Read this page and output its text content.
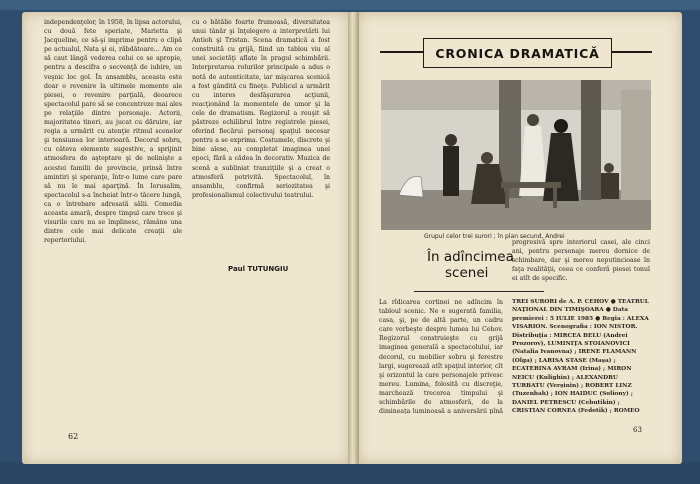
independenţelor, în 1958, în lipsa actorului, cu două fete speriate, Marietta şi Jacqueline, ce să-şi imprime pentru o clipă pe actualul, Nata şi ei, răbdătoare... Am ce să caut lângă vederea celui ce se apropie, pentru a descifra o secvenţă de iubire, un veşnic loc gol. În ansamblu, aceasta este doar o revenire la ultimele momente ale piesei, o revenire parţială, deoarece spectacolul pare să se concentreze mai ales pe relaţiile dintre personaje. Actorii, majoritatea tineri, au jucat cu dăruire, iar regia a urmărit cu atenţie ritmul scenelor şi tensiunea lor interioară. Decorul sobru, cu câteva elemente sugestive, a sprijinit atmosfera de aşteptare şi de nelinişte a acestei familii de provincie, prinsă între amintiri şi speranţe, într-o lume care pare să nu le mai aparţină. În Ierusalim, spectacolul s-a încheiat într-o tăcere lungă, ca o întrebare adresată sălii. Comedia aceasta amară, despre timpul care trece şi visurile care nu se împlinesc, rămâne una dintre cele mai delicate creaţii ale repertoriului.

cu o bătălie foarte frumoasă, diversitatea unui tânăr şi înţelegere a interpretării lui Antioh şi Tristan. Scena dramatică a fost construită cu grijă, fiind un tablou viu al unei societăţi aflate în pragul schimbării. Interpretarea rolurilor principale a adus o notă de autenticitate, iar mişcarea scenică a fost gândită cu fineţe. Publicul a urmărit cu interes desfăşurarea acţiunii, reacţionând la momentele de umor şi la cele de dramatism. Regizorul a reuşit să păstreze echilibrul între registrele piesei, oferind fiecărui personaj spaţiul necesar pentru a se exprima. Costumele, discrete şi bine alese, au completat imaginea unei epoci, fără a cădea în decorativ. Muzica de scenă a subliniat tranziţiile şi a creat o atmosferă potrivită. Spectacolul, în ansamblu, confirmă seriozitatea şi profesionalismul colectivului teatrului.

Paul TUTUNGIU
62
CRONICA DRAMATICĂ
Grupul celor trei surori ; în plan secund, Andrei
În adîncimea
scenei

La rîdicarea cortinei ne adîncim în tabloul scenic. Ne e sugerată familia, casa, şi, pe de altă parte, un cadru care vorbeşte despre lumea lui Cehov. Regizorul construieşte cu grijă imaginea generală a spectacolului, iar decorul, cu mobilier sobru şi ferestre largi, sugerează atît spaţiul interior, cît şi orizontul la care personajele privesc mereu. Lumina, folosită cu discreţie, marchează trecerea timpului şi schimbările de atmosferă, de la dimineaţa luminoasă a aniversării pînă

progresivă spre interiorul casei, ale cinci ani, pentru personaje mereu dornice de schimbare, dar şi mereu neputincioase în faţa realităţii, ceea ce conferă piesei tonul ei atît de specific.

TREI SURORI de A. P. CEHOV ● TEATRUL NAŢIONAL DIN TIMIŞOARA ● Data premierei : 5 IULIE 1985 ● Regia : ALEXA VISARION. Scenografia : ION NISTOR. Distribuţia : MIRCEA BELU (Andrei Prozorov), LUMINIŢA STOIANOVICI (Natalia Ivanovna) ; IRENE FLAMANN (Olga) ; LARISA STASE (Maşa) ; ECATERINA AVRAM (Irina) ; MIRON NEICU (Kulîghin) ; ALEXANDRU TURBATU (Verşinin) ; ROBERT LINZ (Tuzenbah) ; ION HAIDUC (Soliony) ; DANIEL PETRESCU (Cebutîkin) ; CRISTIAN CORNEA (Fedotik) ; ROMEO

63
